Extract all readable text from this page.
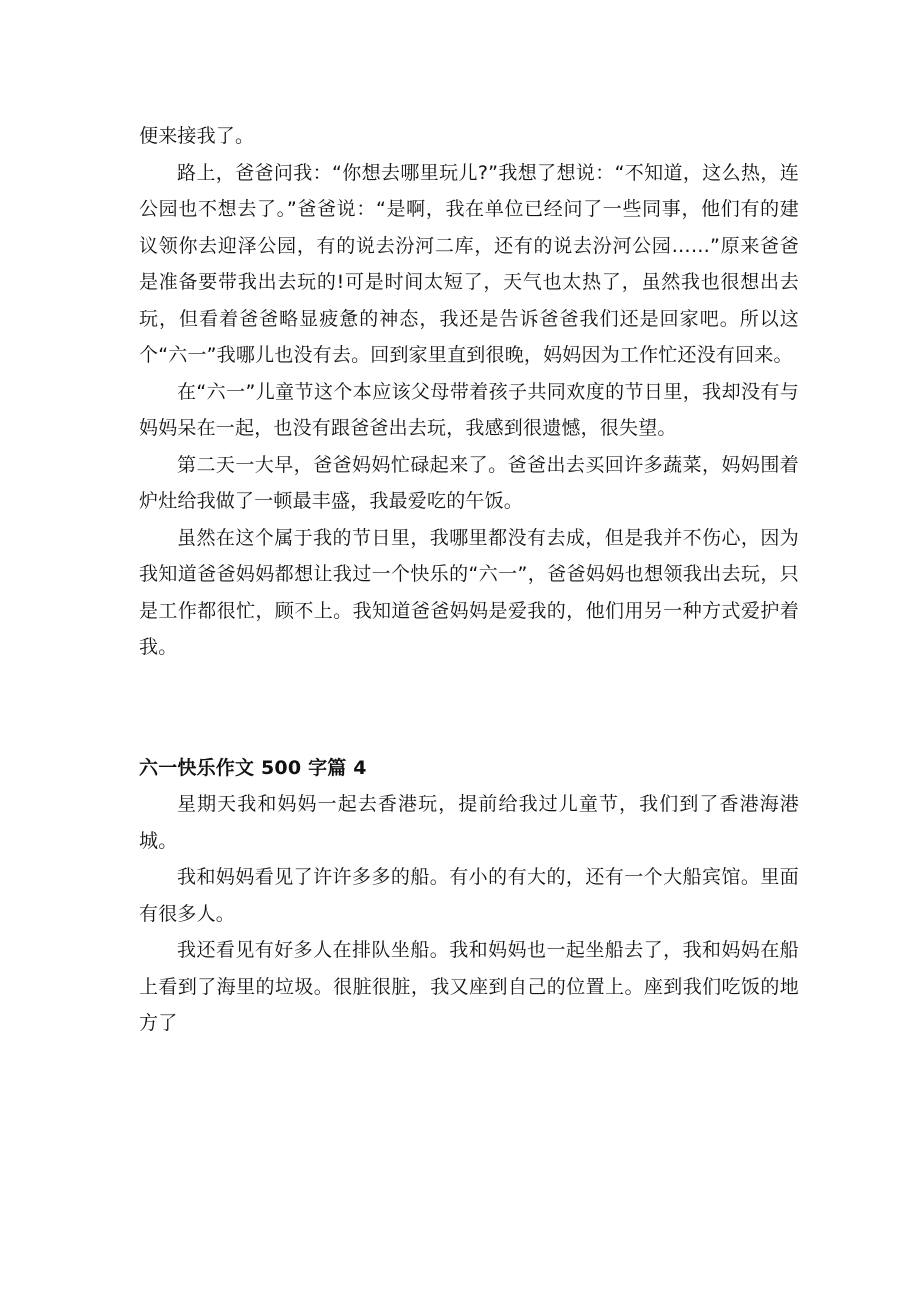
便来接我了。

路上，爸爸问我：“你想去哪里玩儿?”我想了想说：“不知道，这么热，连公园也不想去了。”爸爸说：“是啊，我在单位已经问了一些同事，他们有的建议领你去迎泽公园，有的说去汾河二库，还有的说去汾河公园……”原来爸爸是准备要带我出去玩的!可是时间太短了，天气也太热了，虽然我也很想出去玩，但看着爸爸略显疲惫的神态，我还是告诉爸爸我们还是回家吧。所以这个“六一”我哪儿也没有去。回到家里直到很晚，妈妈因为工作忙还没有回来。

在“六一”儿童节这个本应该父母带着孩子共同欢度的节日里，我却没有与妈妈呆在一起，也没有跟爸爸出去玩，我感到很遗憾，很失望。

第二天一大早，爸爸妈妈忙碌起来了。爸爸出去买回许多蔬菜，妈妈围着炉灶给我做了一顿最丰盛，我最爱吃的午饭。

虽然在这个属于我的节日里，我哪里都没有去成，但是我并不伤心，因为我知道爸爸妈妈都想让我过一个快乐的“六一”，爸爸妈妈也想领我出去玩，只是工作都很忙，顾不上。我知道爸爸妈妈是爱我的，他们用另一种方式爱护着我。

六一快乐作文 500 字篇 4

星期天我和妈妈一起去香港玩，提前给我过儿童节，我们到了香港海港城。

我和妈妈看见了许许多多的船。有小的有大的，还有一个大船宾馆。里面有很多人。

我还看见有好多人在排队坐船。我和妈妈也一起坐船去了，我和妈妈在船上看到了海里的垃圾。很脏很脏，我又座到自己的位置上。座到我们吃饭的地方了
